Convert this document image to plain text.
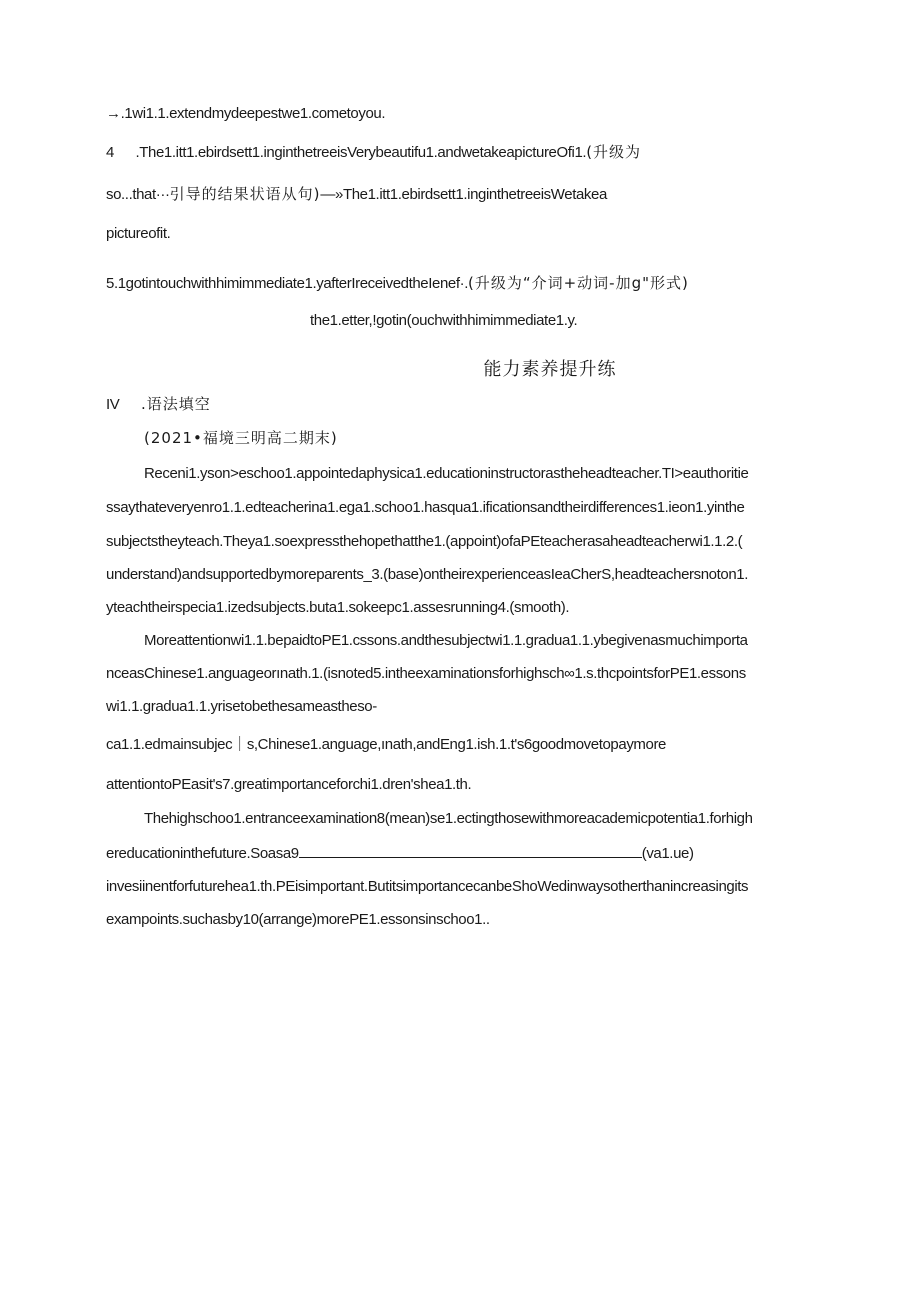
→.1wi1.1.extendmydeepestwe1.cometoyou.
4 .The1.itt1.ebirdsett1.inginthetreeisVerybeautifu1.andwetakeapictureOfi1.(升级为
so...that···引导的结果状语从句)—»The1.itt1.ebirdsett1.inginthetreeisWetakea
pictureofit.
5.1gotintouchwithhimimmediate1.yafterIreceivedtheIenef·.(升级为“介词+动词-加g"形式)
the1.etter,!gotin(ouchwithhimimmediate1.y.
能力素养提升练
IV .语法填空
(2021•福境三明高二期末)
Receni1.yson>eschoo1.appointedaphysica1.educationinstructorastheheadteacher.TI>eauthoritie
ssaythateveryenro1.1.edteacherina1.ega1.schoo1.hasqua1.ificationsandtheirdifferences1.ieon1.yinthe
subjectstheyteach.Theya1.soexpressthehopethatthe1.(appoint)ofaPEteacherasaheadteacherwi1.1.2.(
understand)andsupportedbymoreparents_3.(base)ontheirexperienceasIeaCherS,headteachersnoton1.
yteachtheirspecia1.izedsubjects.buta1.sokeepc1.assesrunning4.(smooth).
Moreattentionwi1.1.bepaidtoPE1.cssons.andthesubjectwi1.1.gradua1.1.ybegivenasmuchimporta
nceasChinese1.anguageorınath.1.(isnoted5.intheexaminationsforhighsch∞1.s.thcpointsforPE1.essons
wi1.1.gradua1.1.yrisetobethesameastheso-
ca1.1.edmainsubjec｜s,Chinese1.anguage,ınath,andEng1.ish.1.t's6goodmovetopaymore
attentiontoPEasit's7.greatimportanceforchi1.dren'shea1.th.
Thehighschoo1.entranceexamination8(mean)se1.ectingthosewithmoreacademicpotentia1.forhigh
ereducationinthefuture.Soasa9	(va1.ue)
invesiinentforfuturehea1.th.PEisimportant.ButitsimportancecanbeShoWedinwaysotherthanincreasingits
exampoints.suchasby10(arrange)morePE1.essonsinschoo1..
